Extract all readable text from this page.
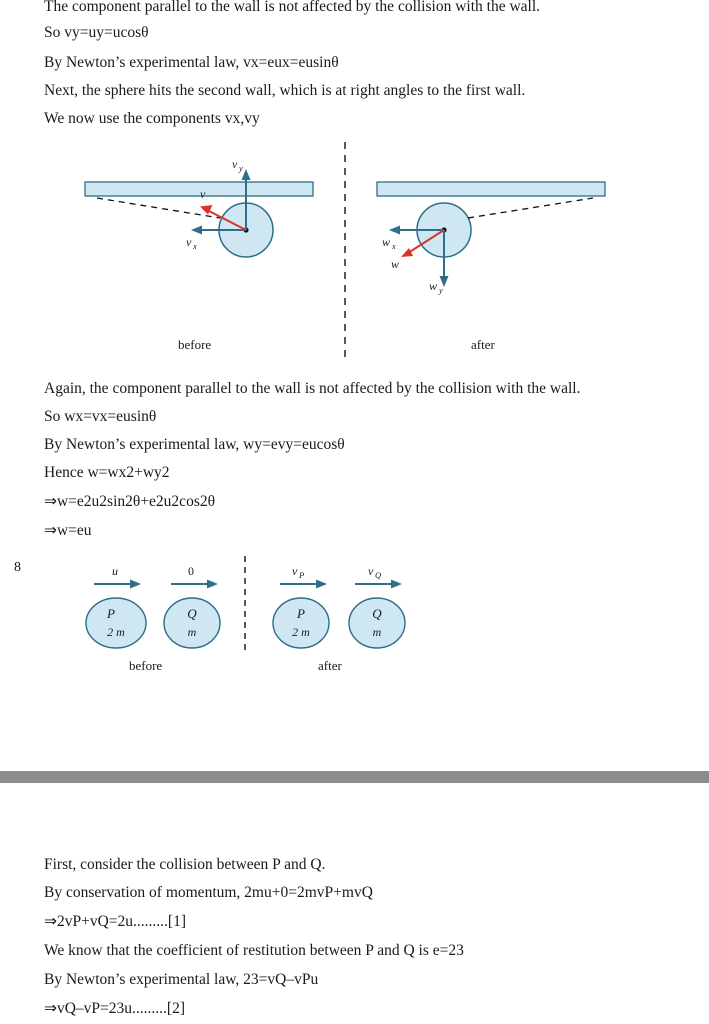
The component parallel to the wall is not affected by the collision with the wall.
So vy=uy=ucosθ
By Newton’s experimental law, vx=eux=eusinθ
Next, the sphere hits the second wall, which is at right angles to the first wall.
We now use the components vx,vy
v y
v x
v
w x
w y
w
before	after
Again, the component parallel to the wall is not affected by the collision with the wall.
So wx=vx=eusinθ
By Newton’s experimental law, wy=evy=eucosθ
Hence w=wx2+wy2
⇒w=e2u2sin2θ+e2u2cos2θ
⇒w=eu
8	u
P
2 m
0
Q
m
v P
P
2 m
v Q
Q
m
before	after
First, consider the collision between P and Q.
By conservation of momentum, 2mu+0=2mvP+mvQ
⇒2vP+vQ=2u.........[1]
We know that the coefficient of restitution between P and Q is e=23
By Newton’s experimental law, 23=vQ–vPu
⇒vQ–vP=23u.........[2]
